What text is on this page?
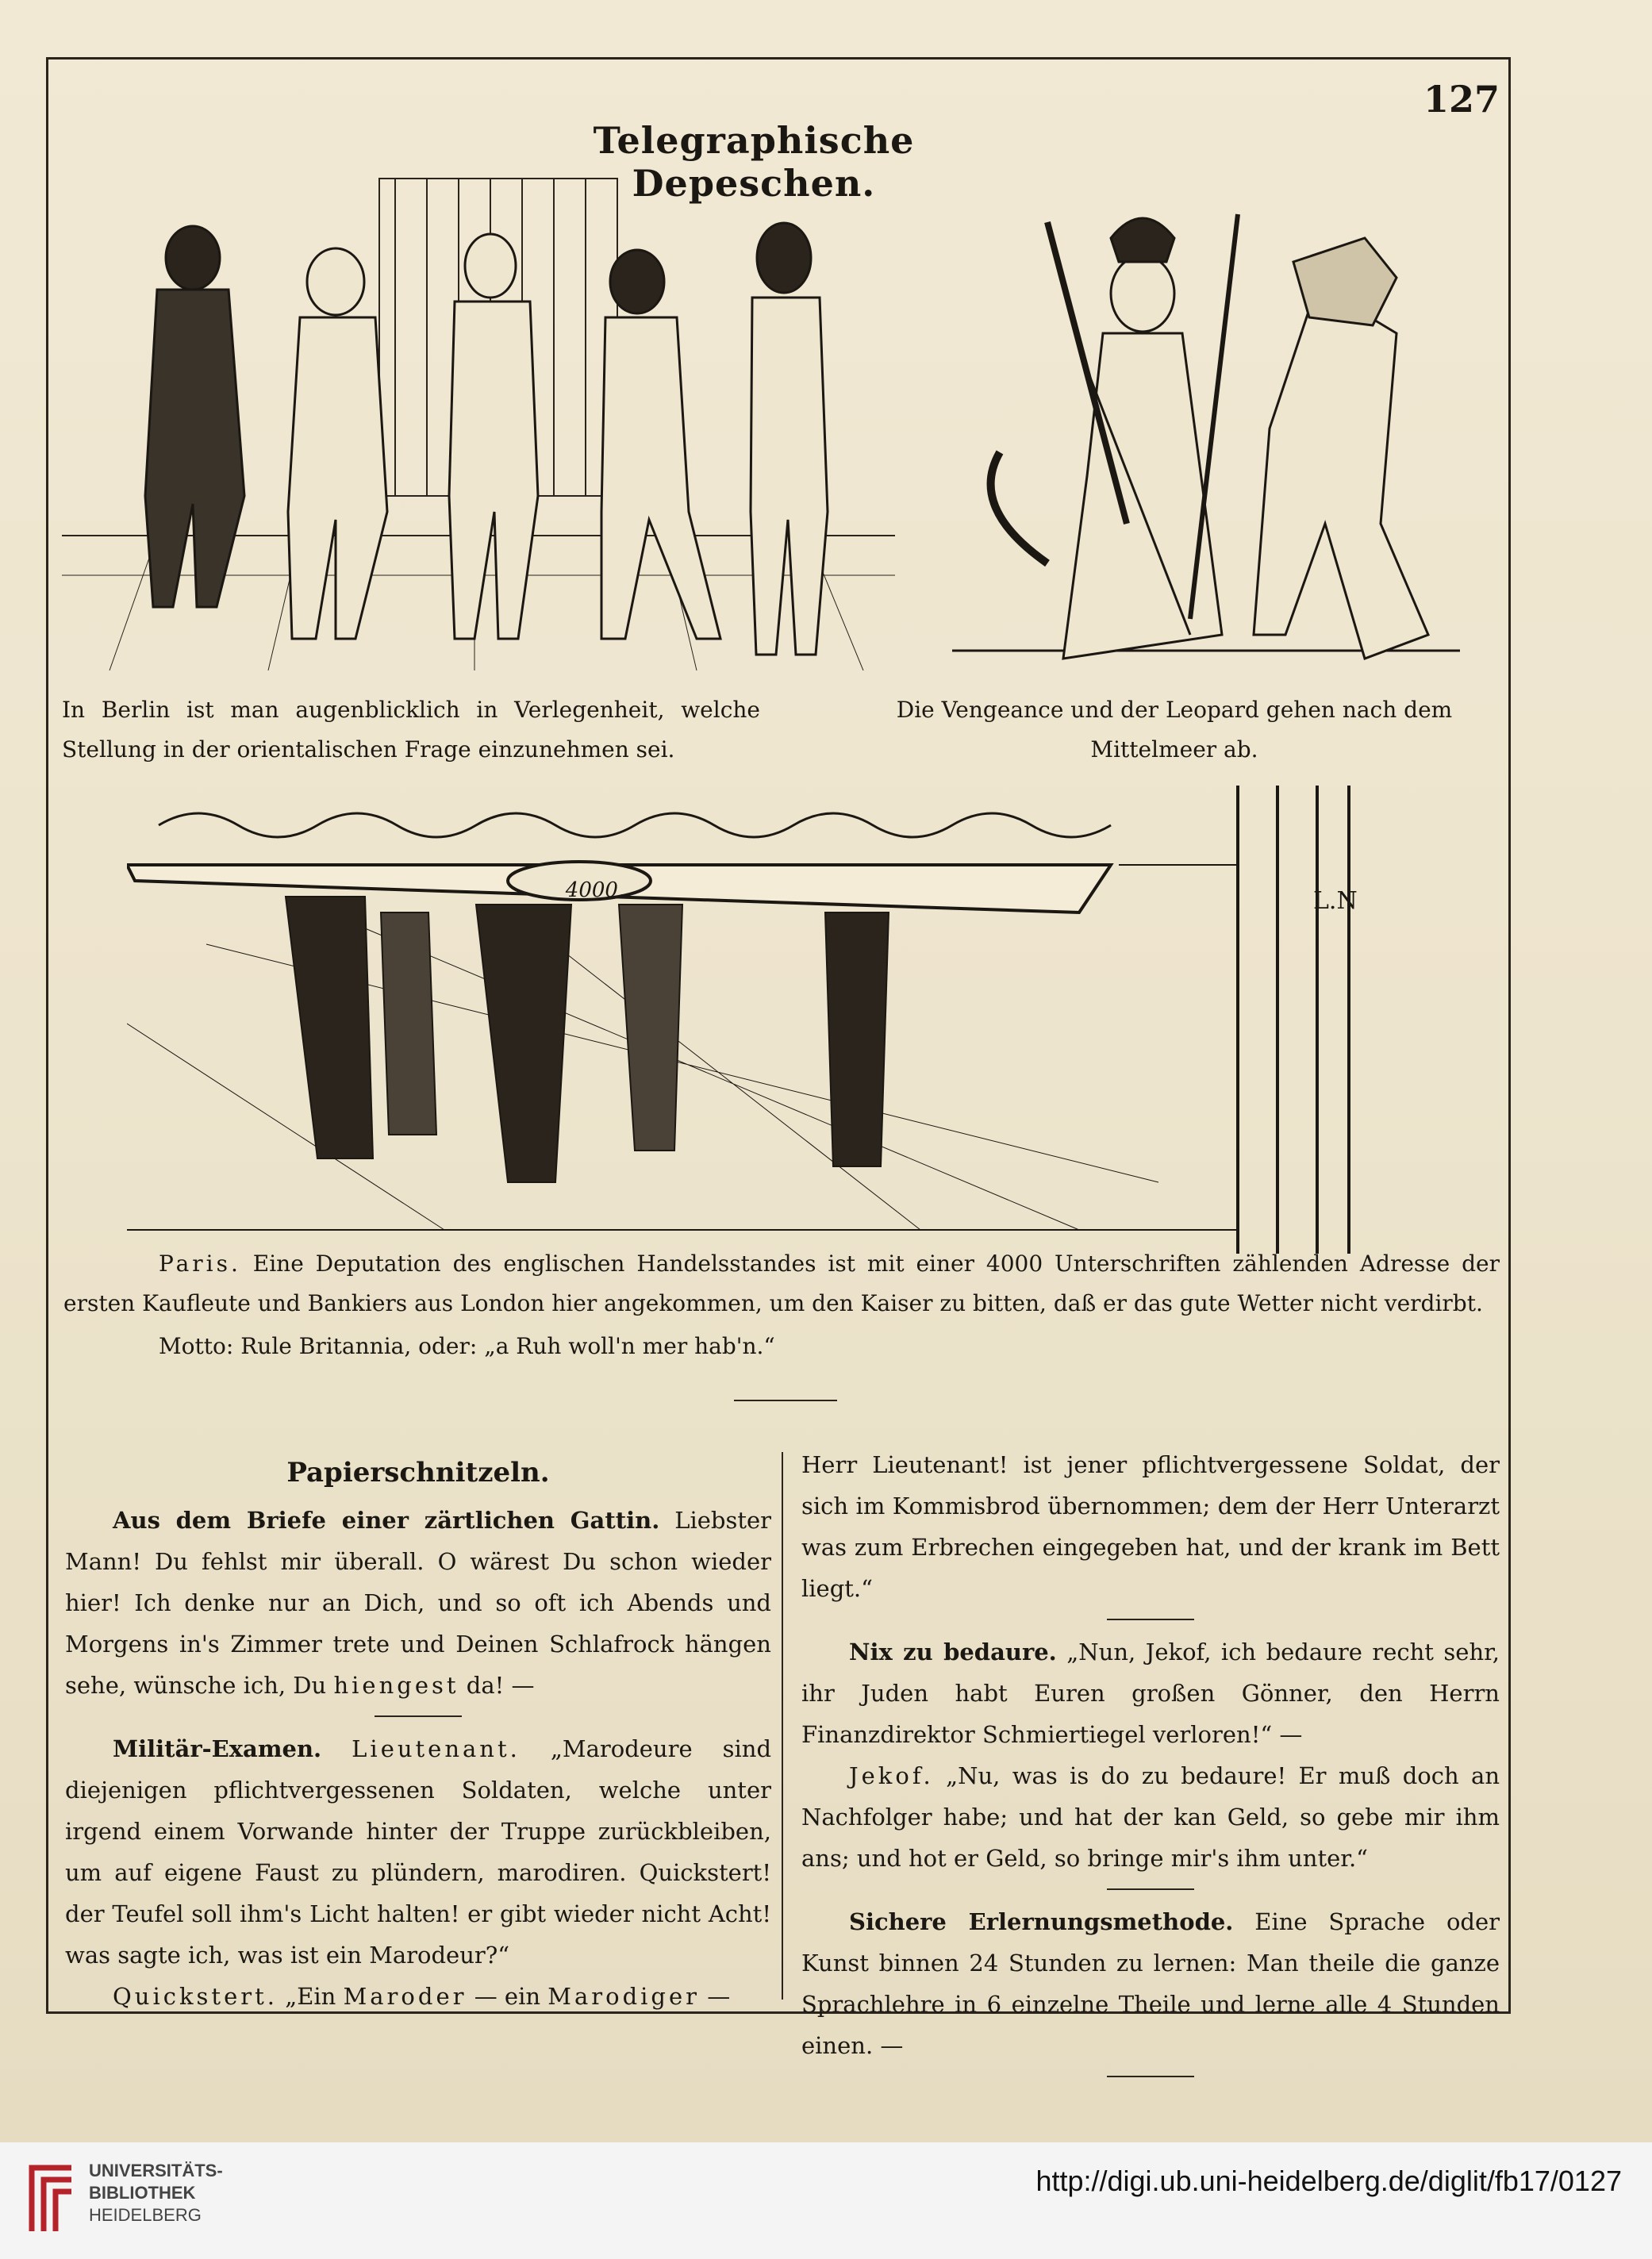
127
Telegraphische Depeschen.
In Berlin ist man augenblicklich in Verlegenheit, welche Stellung in der orientalischen Frage einzunehmen sei.
Die Vengeance und der Leopard gehen nach dem Mittelmeer ab.
4000.	L.N
Paris. Eine Deputation des englischen Handelsstandes ist mit einer 4000 Unterschriften zählenden Adresse der ersten Kaufleute und Bankiers aus London hier angekommen, um den Kaiser zu bitten, daß er das gute Wetter nicht verdirbt.
Motto: Rule Britannia, oder: „a Ruh woll'n mer hab'n.“
Papierschnitzeln.

Aus dem Briefe einer zärtlichen Gattin. Liebster Mann! Du fehlst mir überall. O wärest Du schon wieder hier! Ich denke nur an Dich, und so oft ich Abends und Morgens in's Zimmer trete und Deinen Schlafrock hängen sehe, wünsche ich, Du hiengest da! —

Militär-Examen. Lieutenant. „Marodeure sind diejenigen pflichtvergessenen Soldaten, welche unter irgend einem Vorwande hinter der Truppe zurückbleiben, um auf eigene Faust zu plündern, marodiren. Quickstert! der Teufel soll ihm's Licht halten! er gibt wieder nicht Acht! was sagte ich, was ist ein Marodeur?“

Quickstert. „Ein Maroder — ein Marodiger —

Herr Lieutenant! ist jener pflichtvergessene Soldat, der sich im Kommisbrod übernommen; dem der Herr Unterarzt was zum Erbrechen eingegeben hat, und der krank im Bett liegt.“

Nix zu bedaure. „Nun, Jekof, ich bedaure recht sehr, ihr Juden habt Euren großen Gönner, den Herrn Finanzdirektor Schmiertiegel verloren!“ —

Jekof. „Nu, was is do zu bedaure! Er muß doch an Nachfolger habe; und hat der kan Geld, so gebe mir ihm ans; und hot er Geld, so bringe mir's ihm unter.“

Sichere Erlernungsmethode. Eine Sprache oder Kunst binnen 24 Stunden zu lernen: Man theile die ganze Sprachlehre in 6 einzelne Theile und lerne alle 4 Stunden einen. —

UNIVERSITÄTS-
BIBLIOTHEK
HEIDELBERG
http://digi.ub.uni-heidelberg.de/diglit/fb17/0127
